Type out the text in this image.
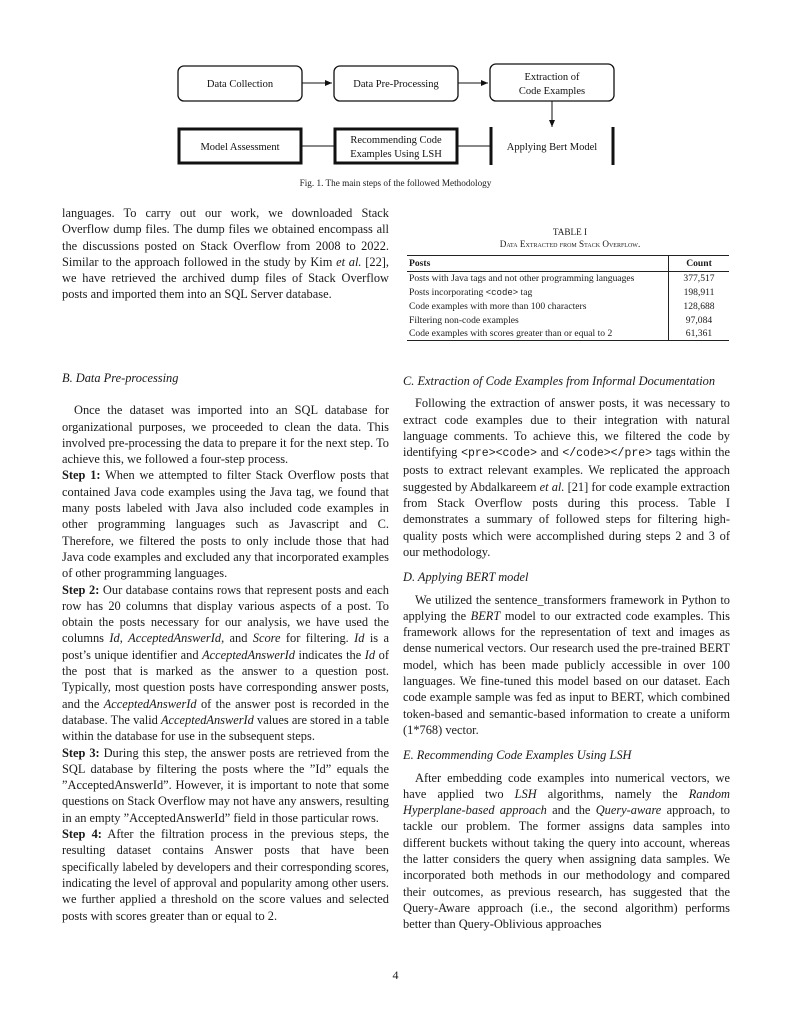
Data Collection	Data Pre-Processing
Extraction of
Code Examples
Model Assessment
Recommending Code
Examples Using LSH
Applying Bert Model
Fig. 1. The main steps of the followed Methodology
TABLE I
Data Extracted from Stack Overflow.
Posts	Count
Posts with Java tags and not other programming languages	377,517
Posts incorporating <code> tag	198,911
Code examples with more than 100 characters	128,688
Filtering non-code examples	97,084
Code examples with scores greater than or equal to 2	61,361

languages. To carry out our work, we downloaded Stack Overflow dump files. The dump files we obtained encompass all the discussions posted on Stack Overflow from 2008 to 2022. Similar to the approach followed in the study by Kim et al. [22], we have retrieved the archived dump files of Stack Overflow posts and imported them into an SQL Server database.

B. Data Pre-processing

Once the dataset was imported into an SQL database for organizational purposes, we proceeded to clean the data. This involved pre-processing the data to prepare it for the next step. To achieve this, we followed a four-step process.

Step 1: When we attempted to filter Stack Overflow posts that contained Java code examples using the Java tag, we found that many posts labeled with Java also included code examples in other programming languages such as Javascript and C. Therefore, we filtered the posts to only include those that had Java code examples and excluded any that incorporated examples of other programming languages.

Step 2: Our database contains rows that represent posts and each row has 20 columns that display various aspects of a post. To obtain the posts necessary for our analysis, we have used the columns Id, AcceptedAnswerId, and Score for filtering. Id is a post’s unique identifier and AcceptedAnswerId indicates the Id of the post that is marked as the answer to a question post. Typically, most question posts have corresponding answer posts, and the AcceptedAnswerId of the answer post is recorded in the database. The valid AcceptedAnswerId values are stored in a table within the database for use in the subsequent steps.

Step 3: During this step, the answer posts are retrieved from the SQL database by filtering the posts where the ”Id” equals the ”AcceptedAnswerId”. However, it is important to note that some questions on Stack Overflow may not have any answers, resulting in an empty ”AcceptedAnswerId” field in those particular rows.

Step 4: After the filtration process in the previous steps, the resulting dataset contains Answer posts that have been specifically labeled by developers and their corresponding scores, indicating the level of approval and popularity among other users. we further applied a threshold on the score values and selected posts with scores greater than or equal to 2.

C. Extraction of Code Examples from Informal Documentation

Following the extraction of answer posts, it was necessary to extract code examples due to their integration with natural language comments. To achieve this, we filtered the code by identifying <pre><code> and </code></pre> tags within the posts to extract relevant examples. We replicated the approach suggested by Abdalkareem et al. [21] for code example extraction from Stack Overflow posts during this process. Table I demonstrates a summary of followed steps for filtering high-quality posts which were accomplished during steps 2 and 3 of our methodology.

D. Applying BERT model

We utilized the sentence_transformers framework in Python to applying the BERT model to our extracted code examples. This framework allows for the representation of text and images as dense numerical vectors. Our research used the pre-trained BERT model, which has been made publicly accessible in over 100 languages. We fine-tuned this model based on our dataset. Each code example sample was fed as input to BERT, which combined token-based and semantic-based information to create a uniform (1*768) vector.

E. Recommending Code Examples Using LSH

After embedding code examples into numerical vectors, we have applied two LSH algorithms, namely the Random Hyperplane-based approach and the Query-aware approach, to tackle our problem. The former assigns data samples into different buckets without taking the query into account, whereas the latter considers the query when assigning data samples. We incorporated both methods in our methodology and compared their outcomes, as previous research, has suggested that the Query-Aware approach (i.e., the second algorithm) performs better than Query-Oblivious approaches

4
